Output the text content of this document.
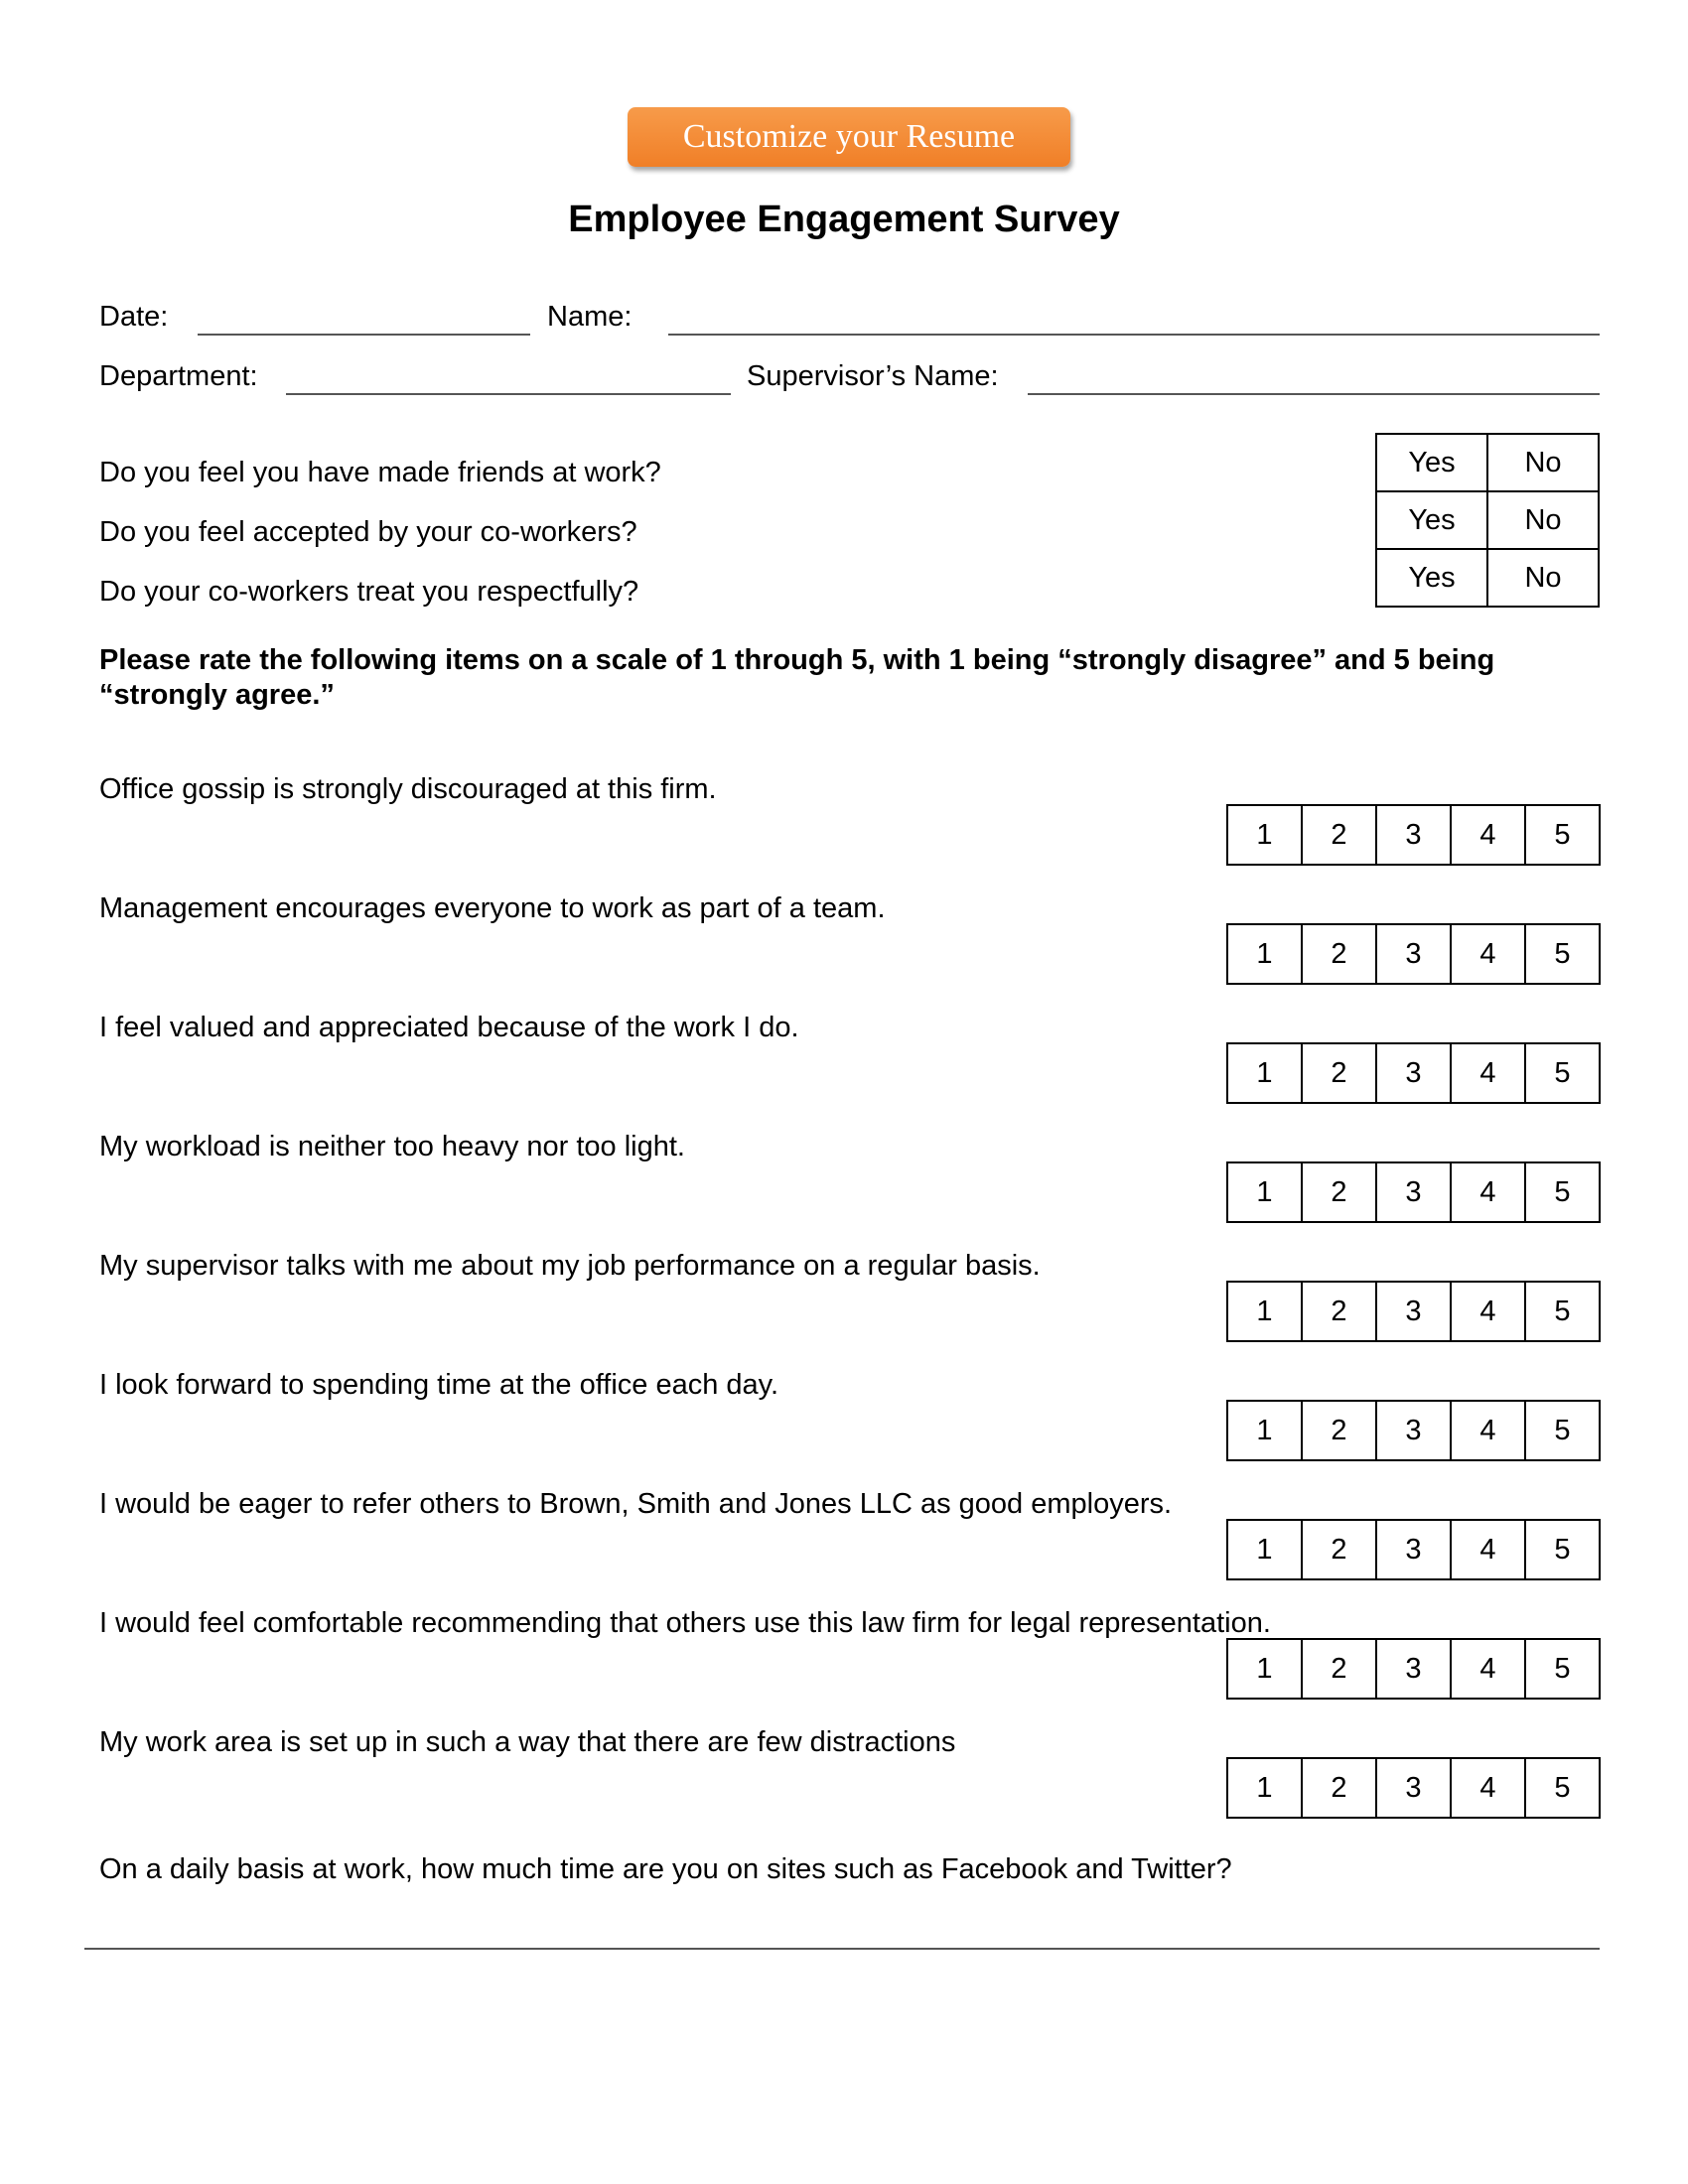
Customize your Resume
Employee Engagement Survey
Date:	Name:
Department:	Supervisor’s Name:
Do you feel you have made friends at work?
Do you feel accepted by your co-workers?
Do your co-workers treat you respectfully?
Yes	No
Yes	No
Yes	No
Please rate the following items on a scale of 1 through 5, with 1 being “strongly disagree” and 5 being “strongly agree.”
Office gossip is strongly discouraged at this firm.
1	2	3	4	5
Management encourages everyone to work as part of a team.
1	2	3	4	5
I feel valued and appreciated because of the work I do.
1	2	3	4	5
My workload is neither too heavy nor too light.
1	2	3	4	5
My supervisor talks with me about my job performance on a regular basis.
1	2	3	4	5
I look forward to spending time at the office each day.
1	2	3	4	5
I would be eager to refer others to Brown, Smith and Jones LLC as good employers.
1	2	3	4	5
I would feel comfortable recommending that others use this law firm for legal representation.
1	2	3	4	5
My work area is set up in such a way that there are few distractions
1	2	3	4	5
On a daily basis at work, how much time are you on sites such as Facebook and Twitter?
